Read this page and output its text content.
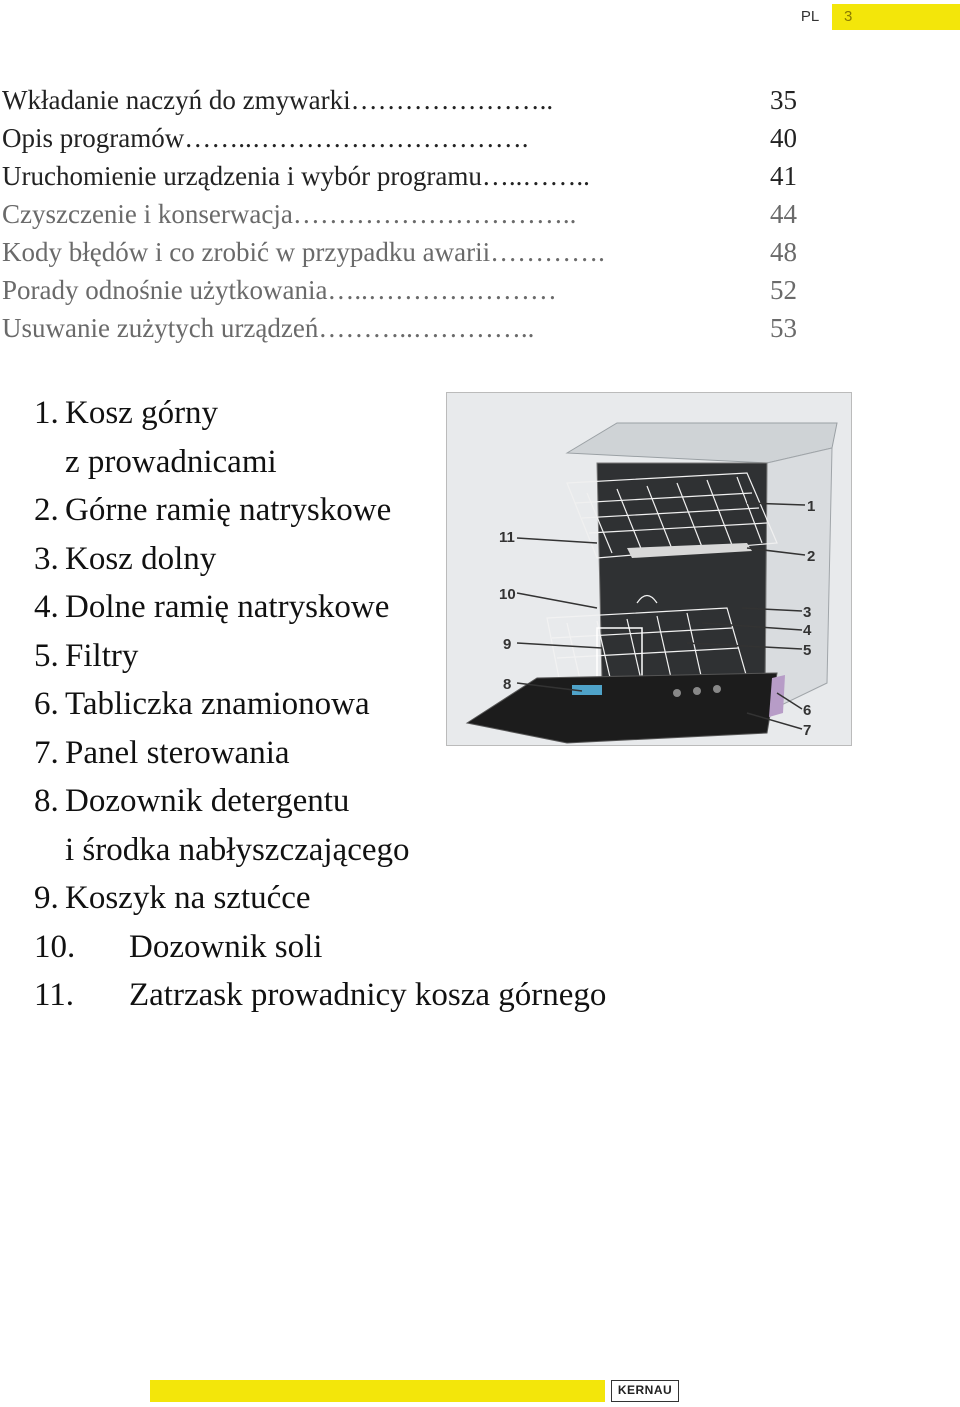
PL	3
Wkładanie naczyń do zmywarki…………………..	35
Opis programów……..………………………….	40
Uruchomienie urządzenia i wybór programu…..……..	41
Czyszczenie i konserwacja…………………………..	44
Kody błędów i co zrobić w przypadku awarii………….	48
Porady odnośnie użytkowania…..…………………	52
Usuwanie zużytych urządzeń………..…………..	53
1. Kosz górny
z prowadnicami
2. Górne ramię natryskowe
3. Kosz dolny
4. Dolne ramię natryskowe
5. Filtry
6. Tabliczka znamionowa
7. Panel sterowania
8. Dozownik detergentu
i środka nabłyszczającego
9. Koszyk na sztućce
10. Dozownik soli
11. Zatrzask prowadnicy kosza górnego
1
2
3
4
5
6
7
11
10
9
8
KERNAU
